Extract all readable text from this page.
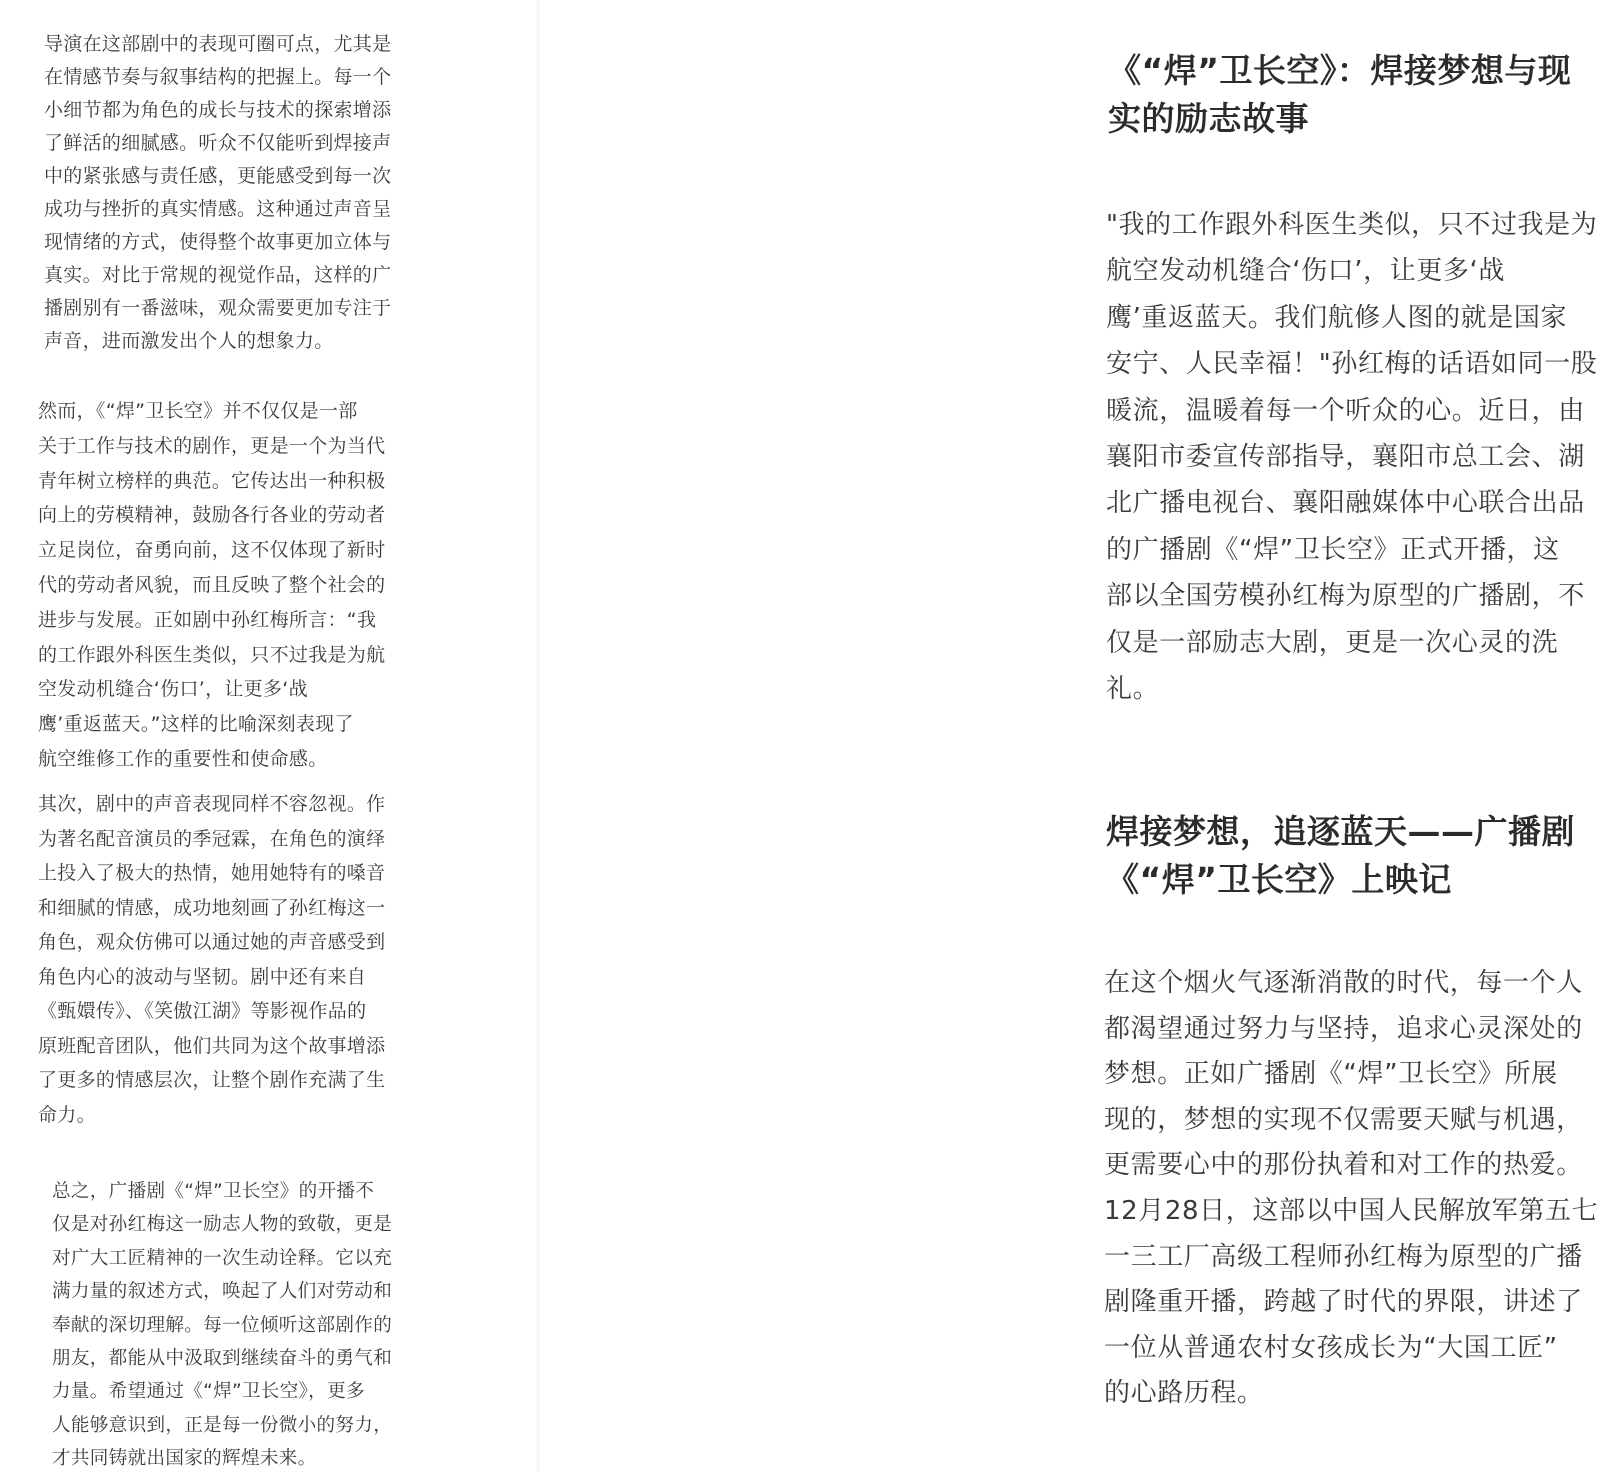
导演在这部剧中的表现可圈可点，尤其是
在情感节奏与叙事结构的把握上。每一个
小细节都为角色的成长与技术的探索增添
了鲜活的细腻感。听众不仅能听到焊接声
中的紧张感与责任感，更能感受到每一次
成功与挫折的真实情感。这种通过声音呈
现情绪的方式，使得整个故事更加立体与
真实。对比于常规的视觉作品，这样的广
播剧别有一番滋味，观众需要更加专注于
声音，进而激发出个人的想象力。

然而，《“焊”卫长空》并不仅仅是一部
关于工作与技术的剧作，更是一个为当代
青年树立榜样的典范。它传达出一种积极
向上的劳模精神，鼓励各行各业的劳动者
立足岗位，奋勇向前，这不仅体现了新时
代的劳动者风貌，而且反映了整个社会的
进步与发展。正如剧中孙红梅所言：“我
的工作跟外科医生类似，只不过我是为航
空发动机缝合‘伤口’，让更多‘战
鹰’重返蓝天。”这样的比喻深刻表现了
航空维修工作的重要性和使命感。

其次，剧中的声音表现同样不容忽视。作
为著名配音演员的季冠霖，在角色的演绎
上投入了极大的热情，她用她特有的嗓音
和细腻的情感，成功地刻画了孙红梅这一
角色，观众仿佛可以通过她的声音感受到
角色内心的波动与坚韧。剧中还有来自
《甄嬛传》、《笑傲江湖》等影视作品的
原班配音团队，他们共同为这个故事增添
了更多的情感层次，让整个剧作充满了生
命力。

总之，广播剧《“焊”卫长空》的开播不
仅是对孙红梅这一励志人物的致敬，更是
对广大工匠精神的一次生动诠释。它以充
满力量的叙述方式，唤起了人们对劳动和
奉献的深切理解。每一位倾听这部剧作的
朋友，都能从中汲取到继续奋斗的勇气和
力量。希望通过《“焊”卫长空》，更多
人能够意识到，正是每一份微小的努力，
才共同铸就出国家的辉煌未来。

《“焊”卫长空》：焊接梦想与现
实的励志故事

"我的工作跟外科医生类似，只不过我是为
航空发动机缝合‘伤口’，让更多‘战
鹰’重返蓝天。我们航修人图的就是国家
安宁、人民幸福！"孙红梅的话语如同一股
暖流，温暖着每一个听众的心。近日，由
襄阳市委宣传部指导，襄阳市总工会、湖
北广播电视台、襄阳融媒体中心联合出品
的广播剧《“焊”卫长空》正式开播，这
部以全国劳模孙红梅为原型的广播剧，不
仅是一部励志大剧，更是一次心灵的洗
礼。

焊接梦想，追逐蓝天——广播剧
《“焊”卫长空》上映记

在这个烟火气逐渐消散的时代，每一个人
都渴望通过努力与坚持，追求心灵深处的
梦想。正如广播剧《“焊”卫长空》所展
现的，梦想的实现不仅需要天赋与机遇，
更需要心中的那份执着和对工作的热爱。
12月28日，这部以中国人民解放军第五七
一三工厂高级工程师孙红梅为原型的广播
剧隆重开播，跨越了时代的界限，讲述了
一位从普通农村女孩成长为“大国工匠”
的心路历程。
